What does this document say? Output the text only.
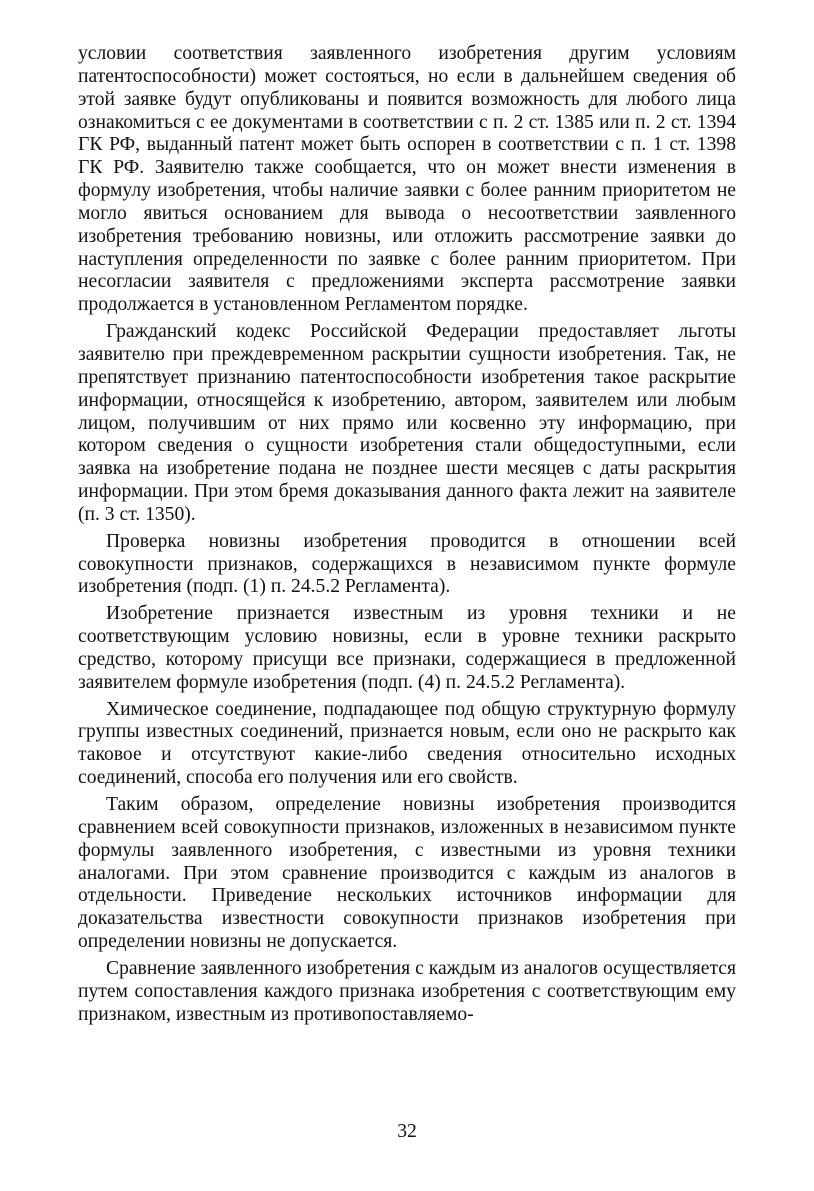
условии соответствия заявленного изобретения другим условиям патентоспособности) может состояться, но если в дальнейшем сведения об этой заявке будут опубликованы и появится возможность для любого лица ознакомиться с ее документами в соответствии с п. 2 ст. 1385 или п. 2 ст. 1394 ГК РФ, выданный патент может быть оспорен в соответствии с п. 1 ст. 1398 ГК РФ. Заявителю также сообщается, что он может внести изменения в формулу изобретения, чтобы наличие заявки с более ранним приоритетом не могло явиться основанием для вывода о несоответствии заявленного изобретения требованию новизны, или отложить рассмотрение заявки до наступления определенности по заявке с более ранним приоритетом. При несогласии заявителя с предложениями эксперта рассмотрение заявки продолжается в установленном Регламентом порядке.

Гражданский кодекс Российской Федерации предоставляет льготы заявителю при преждевременном раскрытии сущности изобретения. Так, не препятствует признанию патентоспособности изобретения такое раскрытие информации, относящейся к изобретению, автором, заявителем или любым лицом, получившим от них прямо или косвенно эту информацию, при котором сведения о сущности изобретения стали общедоступными, если заявка на изобретение подана не позднее шести месяцев с даты раскрытия информации. При этом бремя доказывания данного факта лежит на заявителе (п. 3 ст. 1350).

Проверка новизны изобретения проводится в отношении всей совокупности признаков, содержащихся в независимом пункте формуле изобретения (подп. (1) п. 24.5.2 Регламента).

Изобретение признается известным из уровня техники и не соответствующим условию новизны, если в уровне техники раскрыто средство, которому присущи все признаки, содержащиеся в предложенной заявителем формуле изобретения (подп. (4) п. 24.5.2 Регламента).

Химическое соединение, подпадающее под общую структурную формулу группы известных соединений, признается новым, если оно не раскрыто как таковое и отсутствуют какие-либо сведения относительно исходных соединений, способа его получения или его свойств.

Таким образом, определение новизны изобретения производится сравнением всей совокупности признаков, изложенных в независимом пункте формулы заявленного изобретения, с известными из уровня техники аналогами. При этом сравнение производится с каждым из аналогов в отдельности. Приведение нескольких источников информации для доказательства известности совокупности признаков изобретения при определении новизны не допускается.

Сравнение заявленного изобретения с каждым из аналогов осуществляется путем сопоставления каждого признака изобретения с соответствующим ему признаком, известным из противопоставляемо-

32
